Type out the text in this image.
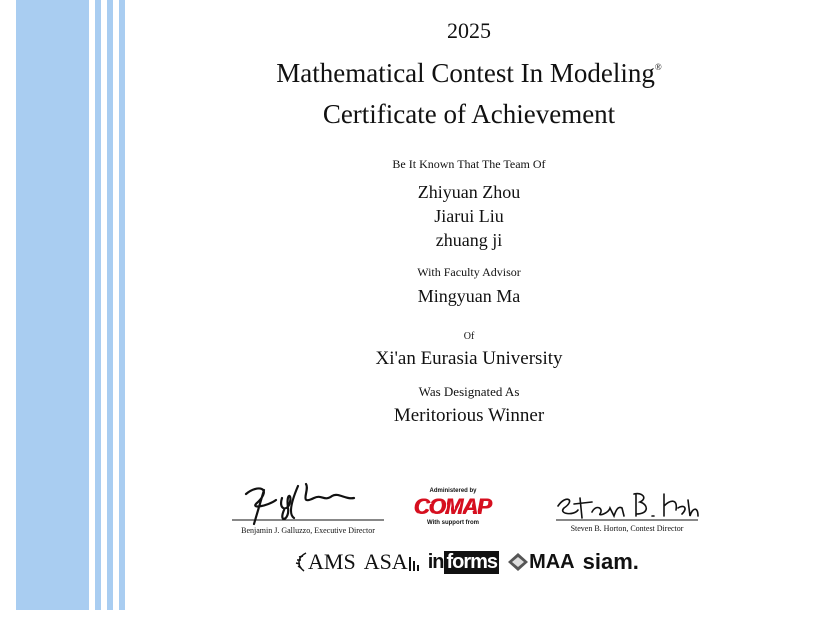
2025
Mathematical Contest In Modeling®
Certificate of Achievement
Be It Known That The Team Of
Zhiyuan Zhou
Jiarui Liu
zhuang ji
With Faculty Advisor
Mingyuan Ma
Of
Xi'an Eurasia University
Was Designated As
Meritorious Winner
Benjamin J. Galluzzo, Executive Director
Administered by
COMAP
With support from
Steven B. Horton, Contest Director
AMS ASA in forms MAA siam.
